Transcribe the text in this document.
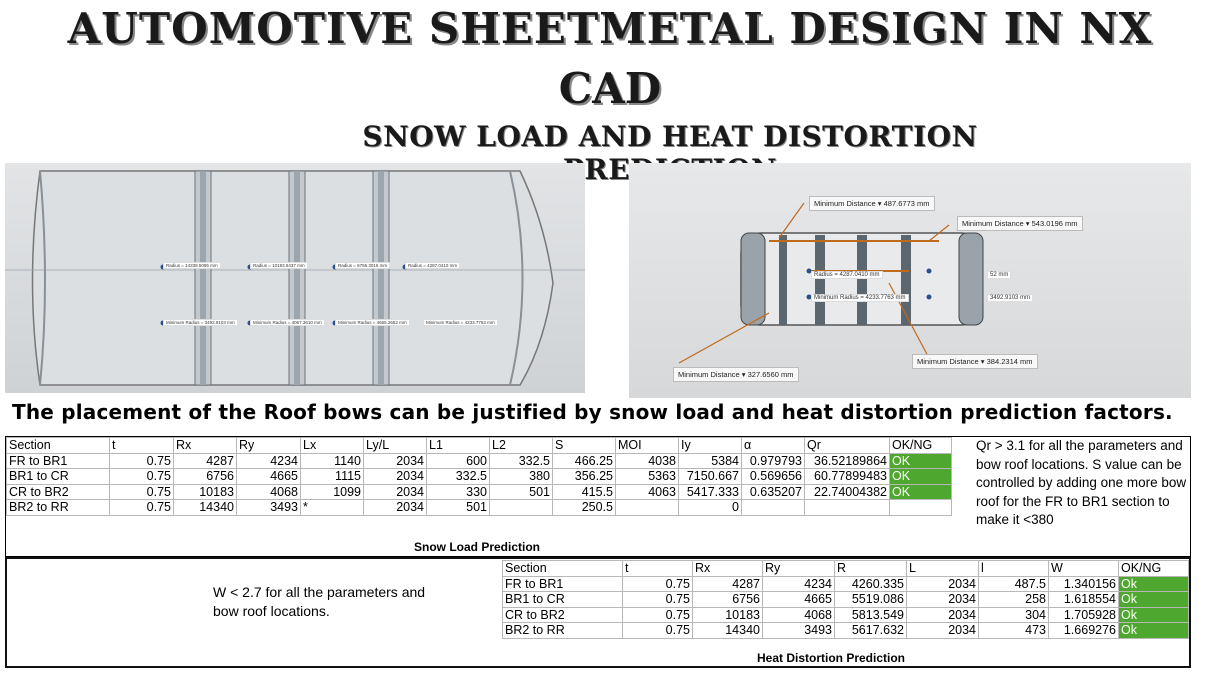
AUTOMOTIVE SHEETMETAL DESIGN IN NX
CAD
SNOW LOAD AND HEAT DISTORTION
Radius = 14339.5095 mm	Radius = 10183.5437 mm	Radius = 6756.3016 mm	Radius = 4287.0410 mm
Minimum Radius = 3492.9103 mm	Minimum Radius = 4067.3610 mm	Minimum Radius = 4665.2652 mm	Minimum Radius = 4233.7763 mm
Minimum Distance ▾ 487.6773 mm
Minimum Distance ▾ 543.0196 mm
Minimum Distance ▾ 384.2314 mm
Minimum Distance ▾ 327.6560 mm
Radius = 4287.0410 mm
Minimum Radius = 4233.7763 mm	3492.9103 mm
52 mm
The placement of the Roof bows can be justified by snow load and heat distortion prediction factors.
Section	t	Rx	Ry	Lx	Ly/L	L1	L2	S	MOI	Iy	α	Qr	OK/NG
FR to BR1	0.75	4287	4234	1140	2034	600	332.5	466.25	4038	5384	0.979793	36.52189864	OK
BR1 to CR	0.75	6756	4665	1115	2034	332.5	380	356.25	5363	7150.667	0.569656	60.77899483	OK
CR to BR2	0.75	10183	4068	1099	2034	330	501	415.5	4063	5417.333	0.635207	22.74004382	OK
BR2 to RR	0.75	14340	3493	*	2034	501		250.5		0			
Qr > 3.1 for all the parameters and bow roof locations. S value can be controlled by adding one more bow roof for the FR to BR1 section to make it <380
Snow Load Prediction
W < 2.7 for all the parameters and bow roof locations.
Section	t	Rx	Ry	R	L	l	W	OK/NG
FR to BR1	0.75	4287	4234	4260.335	2034	487.5	1.340156	Ok
BR1 to CR	0.75	6756	4665	5519.086	2034	258	1.618554	Ok
CR to BR2	0.75	10183	4068	5813.549	2034	304	1.705928	Ok
BR2 to RR	0.75	14340	3493	5617.632	2034	473	1.669276	Ok
Heat Distortion Prediction
